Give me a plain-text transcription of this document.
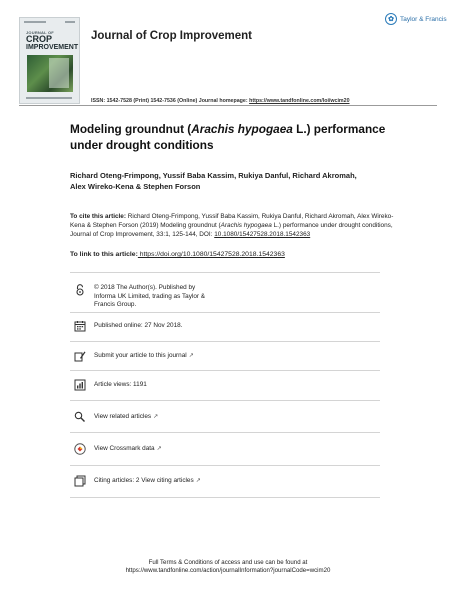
JOURNAL OF
CROP
IMPROVEMENT
Journal of Crop Improvement
✿ Taylor & Francis
ISSN: 1542-7528 (Print) 1542-7536 (Online) Journal homepage: https://www.tandfonline.com/loi/wcim20
Modeling groundnut (Arachis hypogaea L.) performance under drought conditions
Richard Oteng-Frimpong, Yussif Baba Kassim, Rukiya Danful, Richard Akromah, Alex Wireko-Kena & Stephen Forson
To cite this article: Richard Oteng-Frimpong, Yussif Baba Kassim, Rukiya Danful, Richard Akromah, Alex Wireko-Kena & Stephen Forson (2019) Modeling groundnut (Arachis hypogaea L.) performance under drought conditions, Journal of Crop Improvement, 33:1, 125-144, DOI: 10.1080/15427528.2018.1542363
To link to this article: https://doi.org/10.1080/15427528.2018.1542363
© 2018 The Author(s). Published by Informa UK Limited, trading as Taylor & Francis Group.
Published online: 27 Nov 2018.
Submit your article to this journal ↗
Article views: 1191
View related articles ↗
View Crossmark data ↗
Citing articles: 2 View citing articles ↗
Full Terms & Conditions of access and use can be found at
https://www.tandfonline.com/action/journalInformation?journalCode=wcim20
